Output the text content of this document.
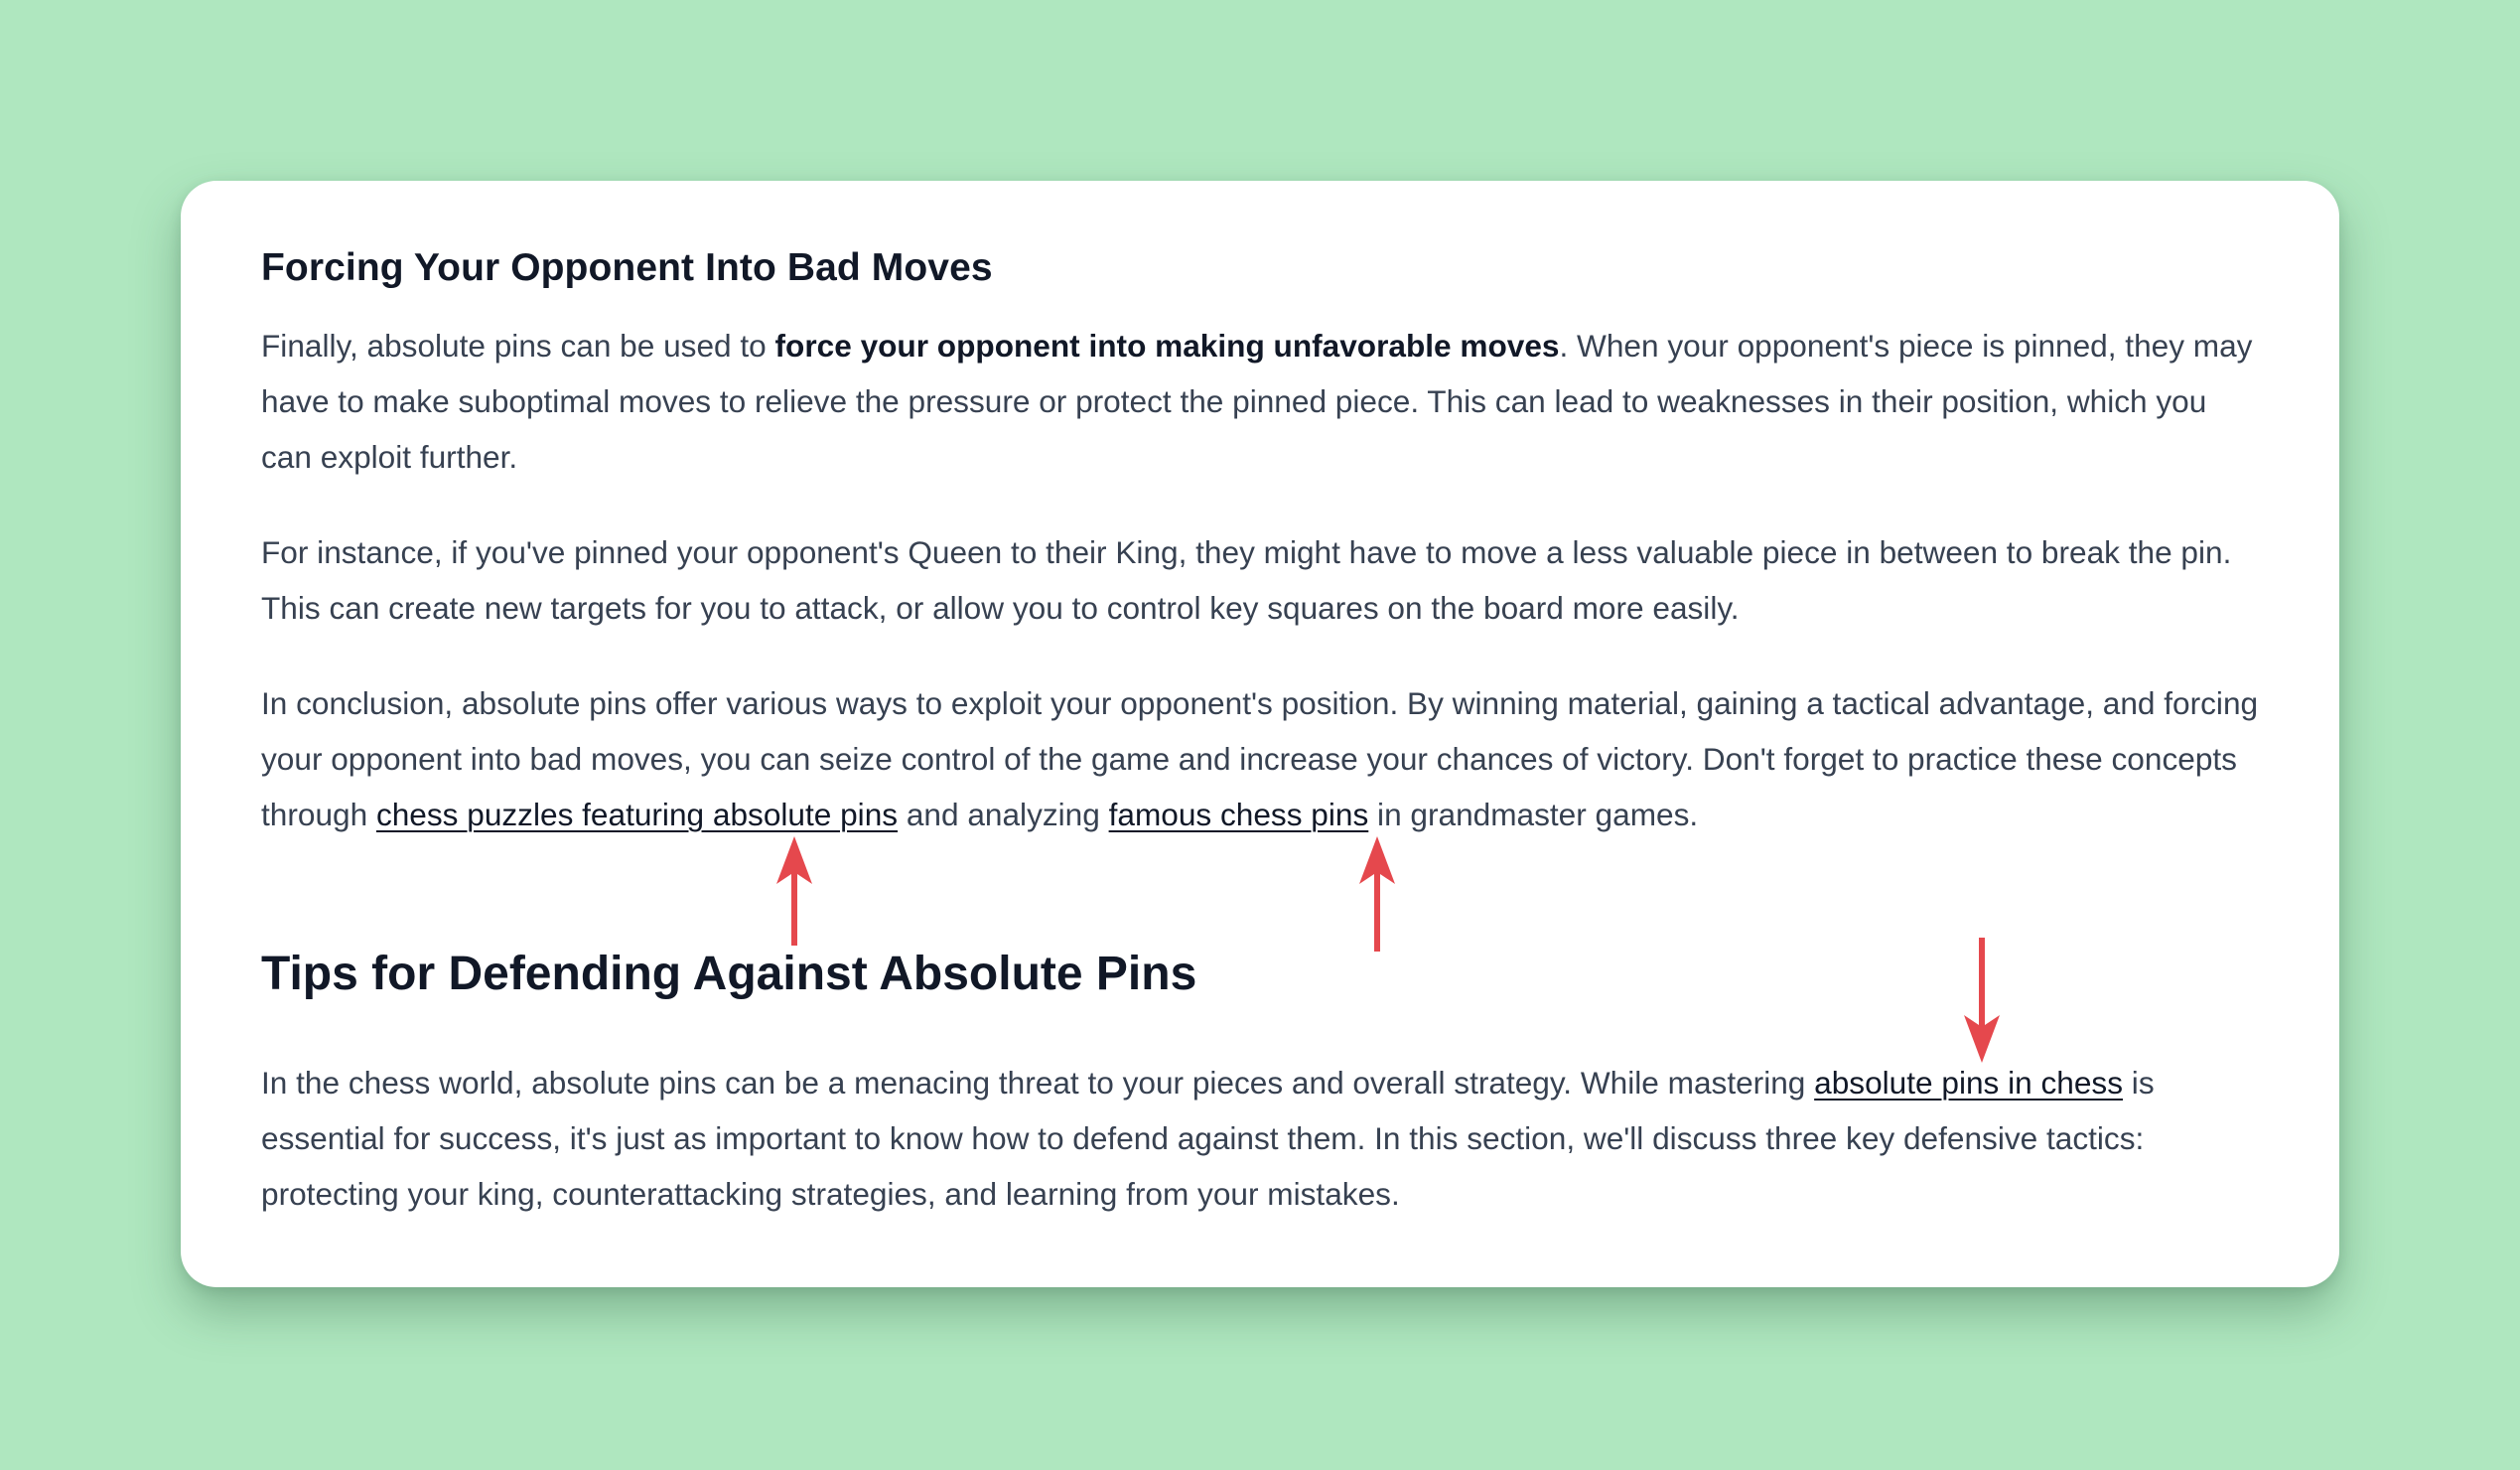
Forcing Your Opponent Into Bad Moves

Finally, absolute pins can be used to force your opponent into making unfavorable moves. When your opponent's piece is pinned, they may have to make suboptimal moves to relieve the pressure or protect the pinned piece. This can lead to weaknesses in their position, which you can exploit further.

For instance, if you've pinned your opponent's Queen to their King, they might have to move a less valuable piece in between to break the pin. This can create new targets for you to attack, or allow you to control key squares on the board more easily.

In conclusion, absolute pins offer various ways to exploit your opponent's position. By winning material, gaining a tactical advantage, and forcing your opponent into bad moves, you can seize control of the game and increase your chances of victory. Don't forget to practice these concepts through chess puzzles featuring absolute pins and analyzing famous chess pins in grandmaster games.

Tips for Defending Against Absolute Pins

In the chess world, absolute pins can be a menacing threat to your pieces and overall strategy. While mastering absolute pins in chess is essential for success, it's just as important to know how to defend against them. In this section, we'll discuss three key defensive tactics: protecting your king, counterattacking strategies, and learning from your mistakes.
